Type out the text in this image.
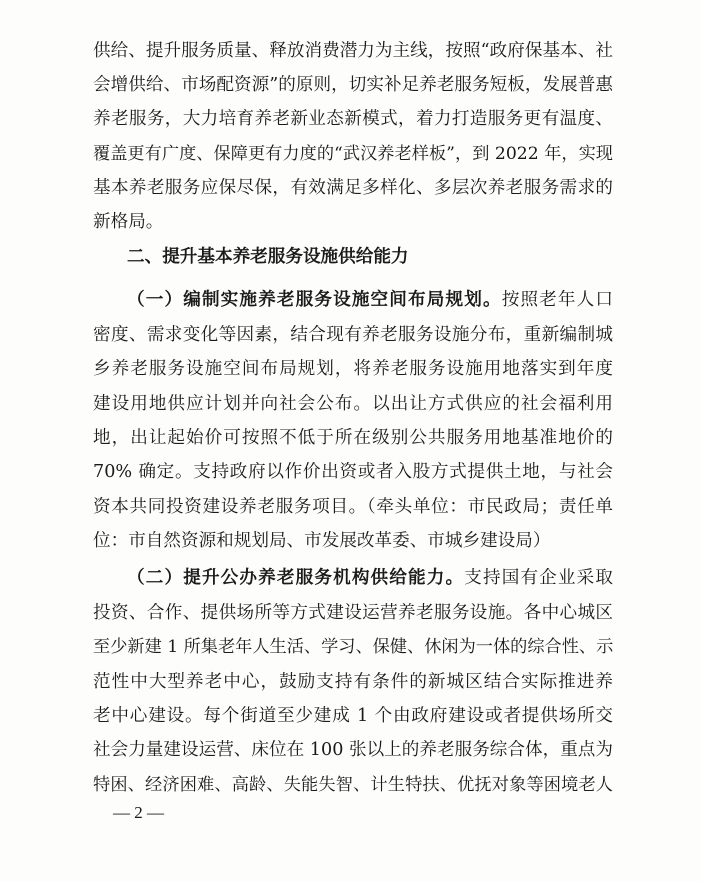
供给、提升服务质量、释放消费潜力为主线，按照“政府保基本、社
会增供给、市场配资源”的原则，切实补足养老服务短板，发展普惠
养老服务，大力培育养老新业态新模式，着力打造服务更有温度、
覆盖更有广度、保障更有力度的“武汉养老样板”，到 2022 年，实现
基本养老服务应保尽保，有效满足多样化、多层次养老服务需求的
新格局。
二、提升基本养老服务设施供给能力
（一）编制实施养老服务设施空间布局规划。按照老年人口
密度、需求变化等因素，结合现有养老服务设施分布，重新编制城
乡养老服务设施空间布局规划，将养老服务设施用地落实到年度
建设用地供应计划并向社会公布。以出让方式供应的社会福利用
地，出让起始价可按照不低于所在级别公共服务用地基准地价的
70% 确定。支持政府以作价出资或者入股方式提供土地，与社会
资本共同投资建设养老服务项目。（牵头单位：市民政局；责任单
位：市自然资源和规划局、市发展改革委、市城乡建设局）
（二）提升公办养老服务机构供给能力。支持国有企业采取
投资、合作、提供场所等方式建设运营养老服务设施。各中心城区
至少新建 1 所集老年人生活、学习、保健、休闲为一体的综合性、示
范性中大型养老中心，鼓励支持有条件的新城区结合实际推进养
老中心建设。每个街道至少建成 1 个由政府建设或者提供场所交
社会力量建设运营、床位在 100 张以上的养老服务综合体，重点为
特困、经济困难、高龄、失能失智、计生特扶、优抚对象等困境老人
— 2 —
